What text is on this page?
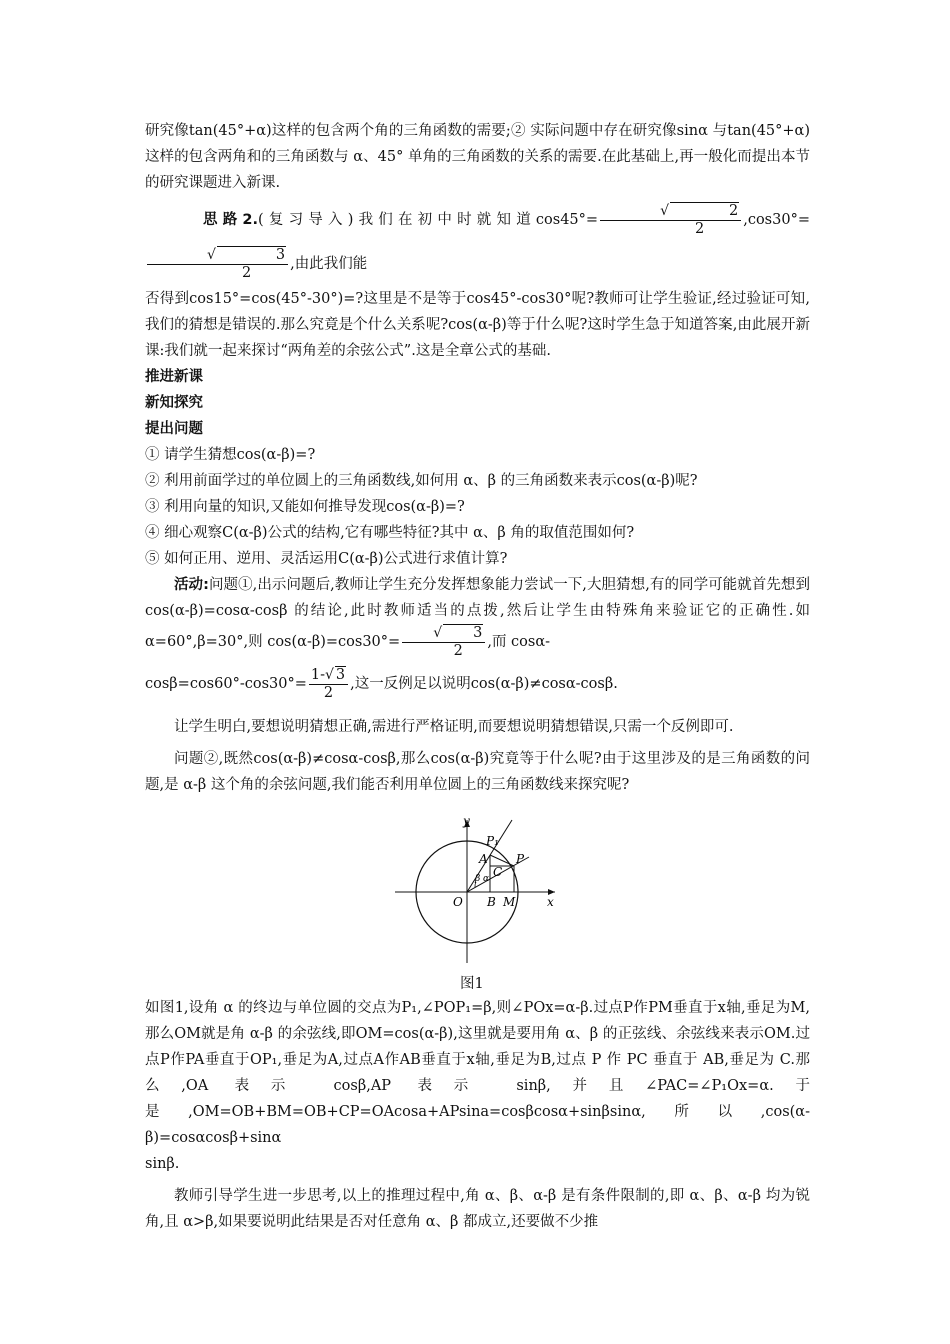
研究像tan(45°+α)这样的包含两个角的三角函数的需要;② 实际问题中存在研究像sinα 与tan(45°+α)这样的包含两角和的三角函数与 α、45° 单角的三角函数的关系的需要.在此基础上,再一般化而提出本节的研究课题进入新课.

思路2.(复习导入)我们在初中时就知道cos45°= √	2
2 ,cos30°=
√	3
2 ,由此我们能

否得到cos15°=cos(45°-30°)=?这里是不是等于cos45°-cos30°呢?教师可让学生验证,经过验证可知,我们的猜想是错误的.那么究竟是个什么关系呢?cos(α-β)等于什么呢?这时学生急于知道答案,由此展开新课:我们就一起来探讨“两角差的余弦公式”.这是全章公式的基础.

推进新课

新知探究

提出问题

① 请学生猜想cos(α-β)=?

② 利用前面学过的单位圆上的三角函数线,如何用 α、β 的三角函数来表示cos(α-β)呢?

③ 利用向量的知识,又能如何推导发现cos(α-β)=?

④ 细心观察C(α-β)公式的结构,它有哪些特征?其中 α、β 角的取值范围如何?

⑤ 如何正用、逆用、灵活运用C(α-β)公式进行求值计算?

活动:问题①,出示问题后,教师让学生充分发挥想象能力尝试一下,大胆猜想,有的同学可能就首先想到cos(α-β)=cosα-cosβ 的结论,此时教师适当的点拨,然后让学生由特殊角来验证它的正确性.如 α=60°,β=30°,则 $\cos(\alpha-\beta)=\cos 30^\circ= \frac{√ 3}{2}$ ,而 cosα-

$\cos\beta=\cos 60^\circ-\cos 30^\circ= \frac{1-√ 3}{2}$ ,这一反例足以说明cos(α-β)≠cosα-cosβ.

让学生明白,要想说明猜想正确,需进行严格证明,而要想说明猜想错误,只需一个反例即可.

问题②,既然cos(α-β)≠cosα-cosβ,那么cos(α-β)究竟等于什么呢?由于这里涉及的是三角函数的问题,是 α-β 这个角的余弦问题,我们能否利用单位圆上的三角函数线来探究呢?

y
x
O
P₁
A P
C
B M
β α
图1

如图1,设角 α 的终边与单位圆的交点为P₁,∠POP₁=β,则∠POx=α-β.过点P作PM垂直于x轴,垂足为M,那么OM就是角 α-β 的余弦线,即OM=cos(α-β),这里就是要用角 α、β 的正弦线、余弦线来表示OM.过点P作PA垂直于OP₁,垂足为A,过点A作AB垂直于x轴,垂足为B,过点 P 作 PC 垂直于 AB,垂足为 C.那么,OA 表示 cosβ,AP 表示 sinβ,并且∠PAC=∠P₁Ox=α.于是,OM=OB+BM=OB+CP=OAcosa+APsina=cosβcosα+sinβsinα,所以,cos(α-β)=cosαcosβ+sinα

sinβ.

教师引导学生进一步思考,以上的推理过程中,角 α、β、α-β 是有条件限制的,即 α、β、α-β 均为锐角,且 α>β,如果要说明此结果是否对任意角 α、β 都成立,还要做不少推
